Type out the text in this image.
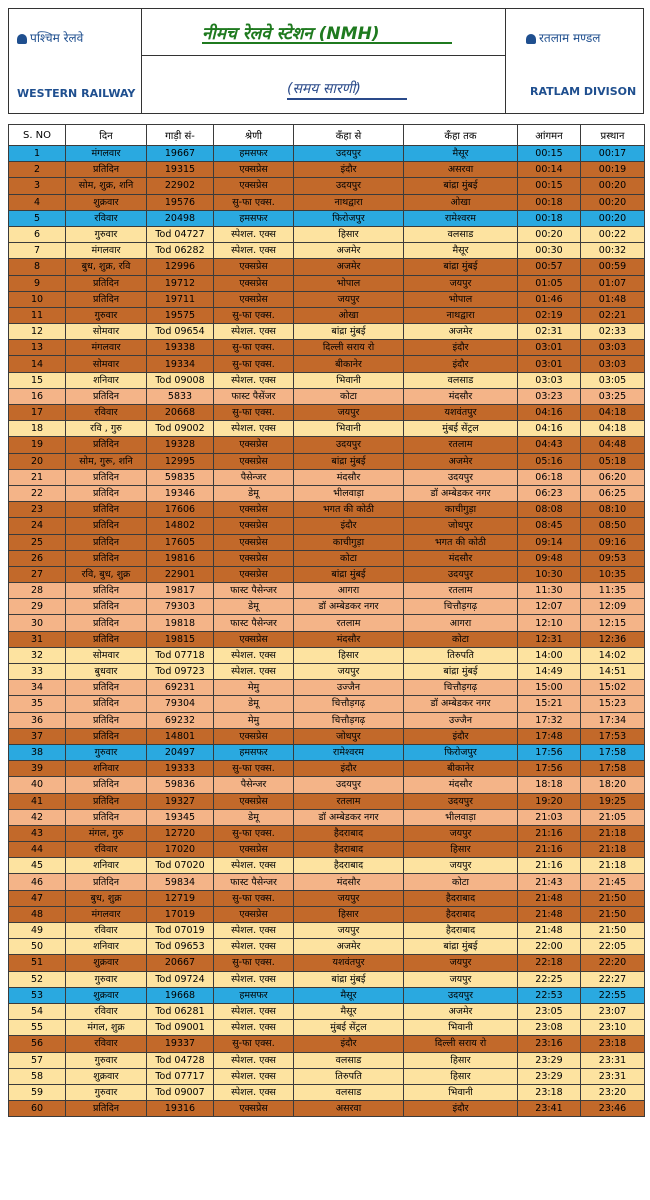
पश्चिम रेलवे
WESTERN RAILWAY
नीमच रेलवे स्टेशन (NMH)
(समय सारणी)
रतलाम मण्डल
RATLAM DIVISON
S. NO	दिन	गाड़ी सं-	श्रेणी	कँहा से	कँहा तक	आंगमन	प्रस्थान
1	मंगलवार	19667	हमसफर	उदयपुर	मैसूर	00:15	00:17
2	प्रतिदिन	19315	एक्सप्रेस	इंदौर	असरवा	00:14	00:19
3	सोम, शुक्र, शनि	22902	एक्सप्रेस	उदयपुर	बांद्रा मुंबई	00:15	00:20
4	शुक्रवार	19576	सु-फा एक्स.	नाथद्वारा	ओखा	00:18	00:20
5	रविवार	20498	हमसफर	फिरोजपुर	रामेश्वरम	00:18	00:20
6	गुरुवार	Tod 04727	स्पेशल. एक्स	हिसार	वलसाड	00:20	00:22
7	मंगलवार	Tod 06282	स्पेशल. एक्स	अजमेर	मैसूर	00:30	00:32
8	बुध, शुक्र, रवि	12996	एक्सप्रेस	अजमेर	बांद्रा मुंबई	00:57	00:59
9	प्रतिदिन	19712	एक्सप्रेस	भोपाल	जयपुर	01:05	01:07
10	प्रतिदिन	19711	एक्सप्रेस	जयपुर	भोपाल	01:46	01:48
11	गुरुवार	19575	सु-फा एक्स.	ओखा	नाथद्वारा	02:19	02:21
12	सोमवार	Tod 09654	स्पेशल. एक्स	बांद्रा मुंबई	अजमेर	02:31	02:33
13	मंगलवार	19338	सु-फा एक्स.	दिल्ली सराय रो	इंदौर	03:01	03:03
14	सोमवार	19334	सु-फा एक्स.	बीकानेर	इंदौर	03:01	03:03
15	शनिवार	Tod 09008	स्पेशल. एक्स	भिवानी	वलसाड	03:03	03:05
16	प्रतिदिन	5833	फास्ट पैसेंजर	कोटा	मंदसौर	03:23	03:25
17	रविवार	20668	सु-फा एक्स.	जयपुर	यशवंतपुर	04:16	04:18
18	रवि , गुरु	Tod 09002	स्पेशल. एक्स	भिवानी	मुंबई सेंट्रल	04:16	04:18
19	प्रतिदिन	19328	एक्सप्रेस	उदयपुर	रतलाम	04:43	04:48
20	सोम, गुरू, शनि	12995	एक्सप्रेस	बांद्रा मुंबई	अजमेर	05:16	05:18
21	प्रतिदिन	59835	पैसेन्जर	मंदसौर	उदयपुर	06:18	06:20
22	प्रतिदिन	19346	डेमू	भीलवाड़ा	डॉ अम्बेडकर नगर	06:23	06:25
23	प्रतिदिन	17606	एक्सप्रेस	भगत की कोठी	काचीगुड़ा	08:08	08:10
24	प्रतिदिन	14802	एक्सप्रेस	इंदौर	जोधपुर	08:45	08:50
25	प्रतिदिन	17605	एक्सप्रेस	काचीगुड़ा	भगत की कोठी	09:14	09:16
26	प्रतिदिन	19816	एक्सप्रेस	कोटा	मंदसौर	09:48	09:53
27	रवि, बुध, शुक्र	22901	एक्सप्रेस	बांद्रा मुंबई	उदयपुर	10:30	10:35
28	प्रतिदिन	19817	फास्ट पैसेन्जर	आगरा	रतलाम	11:30	11:35
29	प्रतिदिन	79303	डेमू	डॉ अम्बेडकर नगर	चित्तौड़गढ़	12:07	12:09
30	प्रतिदिन	19818	फास्ट पैसेन्जर	रतलाम	आगरा	12:10	12:15
31	प्रतिदिन	19815	एक्सप्रेस	मंदसौर	कोटा	12:31	12:36
32	सोमवार	Tod 07718	स्पेशल. एक्स	हिसार	तिरुपति	14:00	14:02
33	बुधवार	Tod 09723	स्पेशल. एक्स	जयपुर	बांद्रा मुंबई	14:49	14:51
34	प्रतिदिन	69231	मेमु	उज्जैन	चित्तौड़गढ़	15:00	15:02
35	प्रतिदिन	79304	डेमू	चित्तौड़गढ़	डॉ अम्बेडकर नगर	15:21	15:23
36	प्रतिदिन	69232	मेमु	चित्तौड़गढ़	उज्जैन	17:32	17:34
37	प्रतिदिन	14801	एक्सप्रेस	जोधपुर	इंदौर	17:48	17:53
38	गुरुवार	20497	हमसफर	रामेश्वरम	फिरोजपुर	17:56	17:58
39	शनिवार	19333	सु-फा एक्स.	इंदौर	बीकानेर	17:56	17:58
40	प्रतिदिन	59836	पैसेन्जर	उदयपुर	मंदसौर	18:18	18:20
41	प्रतिदिन	19327	एक्सप्रेस	रतलाम	उदयपुर	19:20	19:25
42	प्रतिदिन	19345	डेमू	डॉ अम्बेडकर नगर	भीलवाड़ा	21:03	21:05
43	मंगल, गुरु	12720	सु-फा एक्स.	हैदराबाद	जयपुर	21:16	21:18
44	रविवार	17020	एक्सप्रेस	हैदराबाद	हिसार	21:16	21:18
45	शनिवार	Tod 07020	स्पेशल. एक्स	हैदराबाद	जयपुर	21:16	21:18
46	प्रतिदिन	59834	फास्ट पैसेन्जर	मंदसौर	कोटा	21:43	21:45
47	बुध, शुक्र	12719	सु-फा एक्स.	जयपुर	हैदराबाद	21:48	21:50
48	मंगलवार	17019	एक्सप्रेस	हिसार	हैदराबाद	21:48	21:50
49	रविवार	Tod 07019	स्पेशल. एक्स	जयपुर	हैदराबाद	21:48	21:50
50	शनिवार	Tod 09653	स्पेशल. एक्स	अजमेर	बांद्रा मुंबई	22:00	22:05
51	शुक्रवार	20667	सु-फा एक्स.	यशवंतपुर	जयपुर	22:18	22:20
52	गुरुवार	Tod 09724	स्पेशल. एक्स	बांद्रा मुंबई	जयपुर	22:25	22:27
53	शुक्रवार	19668	हमसफर	मैसूर	उदयपुर	22:53	22:55
54	रविवार	Tod 06281	स्पेशल. एक्स	मैसूर	अजमेर	23:05	23:07
55	मंगल, शुक्र	Tod 09001	स्पेशल. एक्स	मुंबई सेंट्रल	भिवानी	23:08	23:10
56	रविवार	19337	सु-फा एक्स.	इंदौर	दिल्ली सराय रो	23:16	23:18
57	गुरुवार	Tod 04728	स्पेशल. एक्स	वलसाड	हिसार	23:29	23:31
58	शुक्रवार	Tod 07717	स्पेशल. एक्स	तिरुपति	हिसार	23:29	23:31
59	गुरुवार	Tod 09007	स्पेशल. एक्स	वलसाड	भिवानी	23:18	23:20
60	प्रतिदिन	19316	एक्सप्रेस	असरवा	इंदौर	23:41	23:46
